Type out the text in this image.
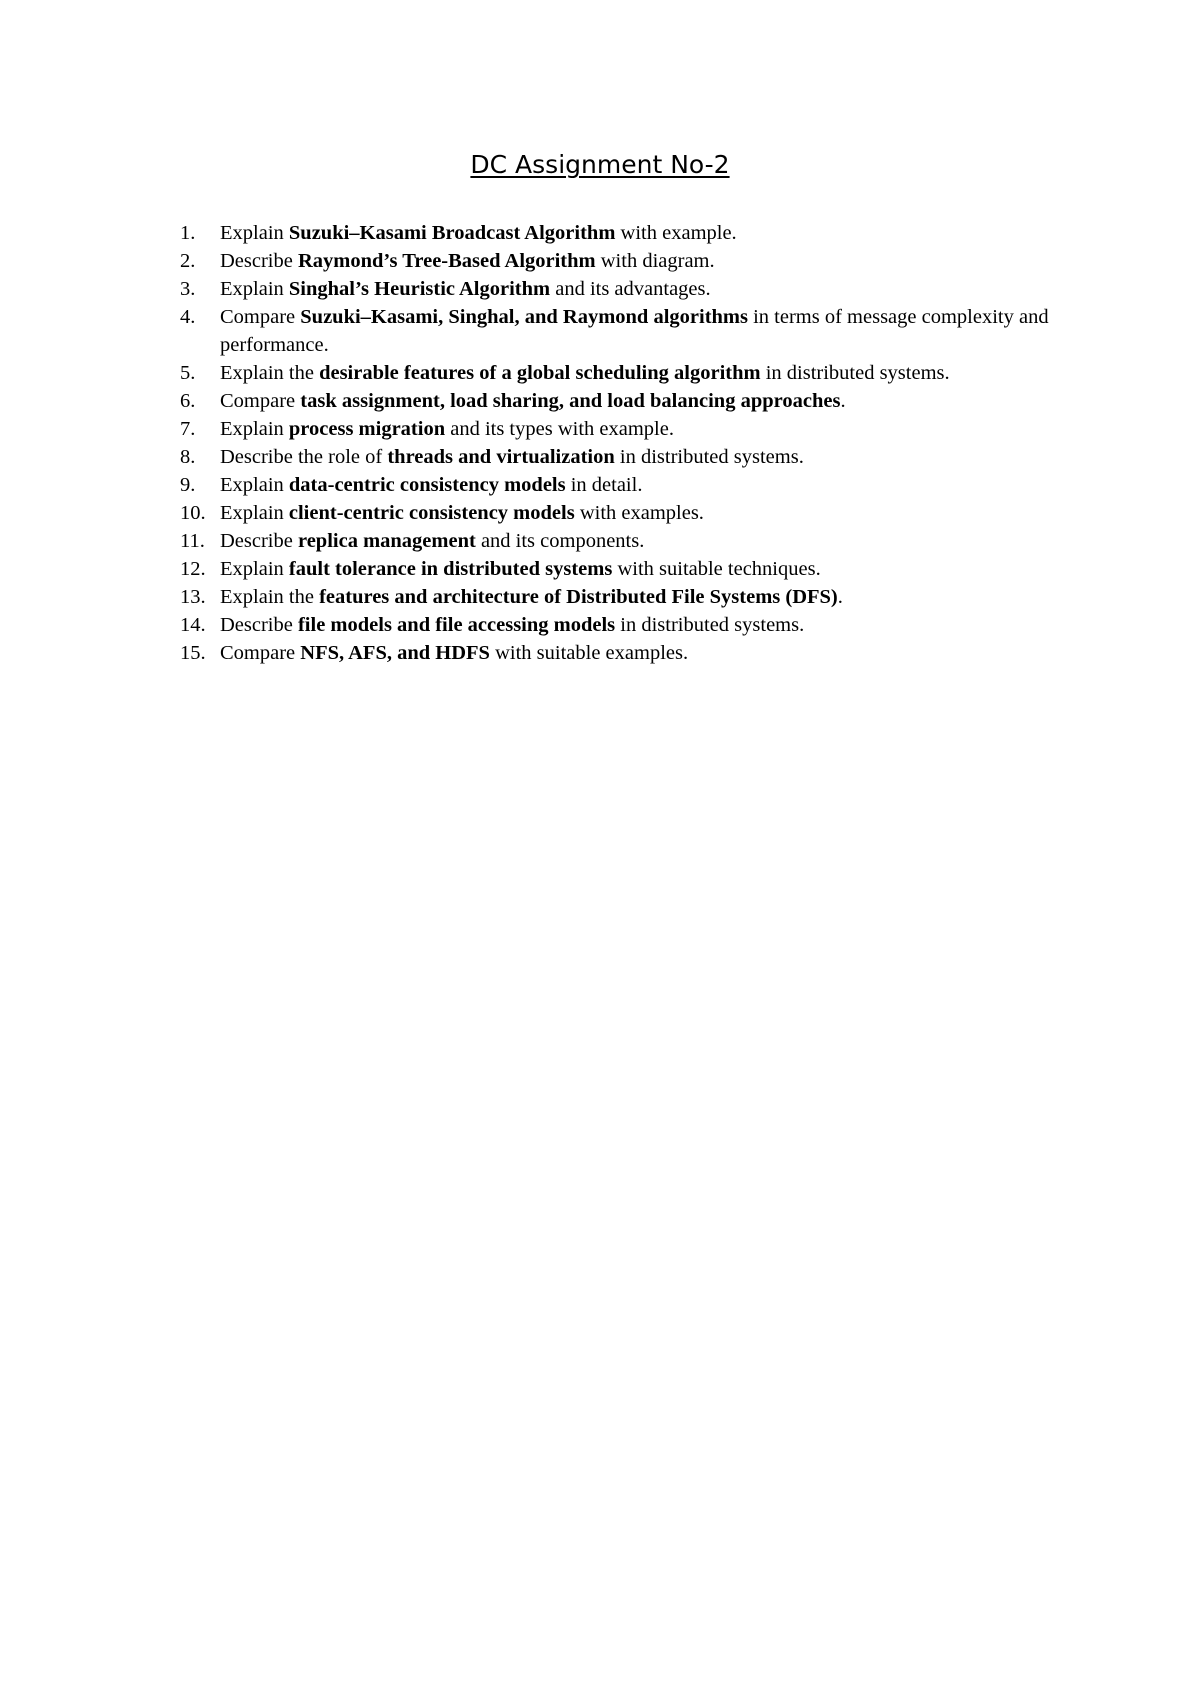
DC Assignment No-2
1. Explain Suzuki–Kasami Broadcast Algorithm with example.
2. Describe Raymond’s Tree-Based Algorithm with diagram.
3. Explain Singhal’s Heuristic Algorithm and its advantages.
4. Compare Suzuki–Kasami, Singhal, and Raymond algorithms in terms of message complexity and performance.
5. Explain the desirable features of a global scheduling algorithm in distributed systems.
6. Compare task assignment, load sharing, and load balancing approaches.
7. Explain process migration and its types with example.
8. Describe the role of threads and virtualization in distributed systems.
9. Explain data-centric consistency models in detail.
10. Explain client-centric consistency models with examples.
11. Describe replica management and its components.
12. Explain fault tolerance in distributed systems with suitable techniques.
13. Explain the features and architecture of Distributed File Systems (DFS).
14. Describe file models and file accessing models in distributed systems.
15. Compare NFS, AFS, and HDFS with suitable examples.
